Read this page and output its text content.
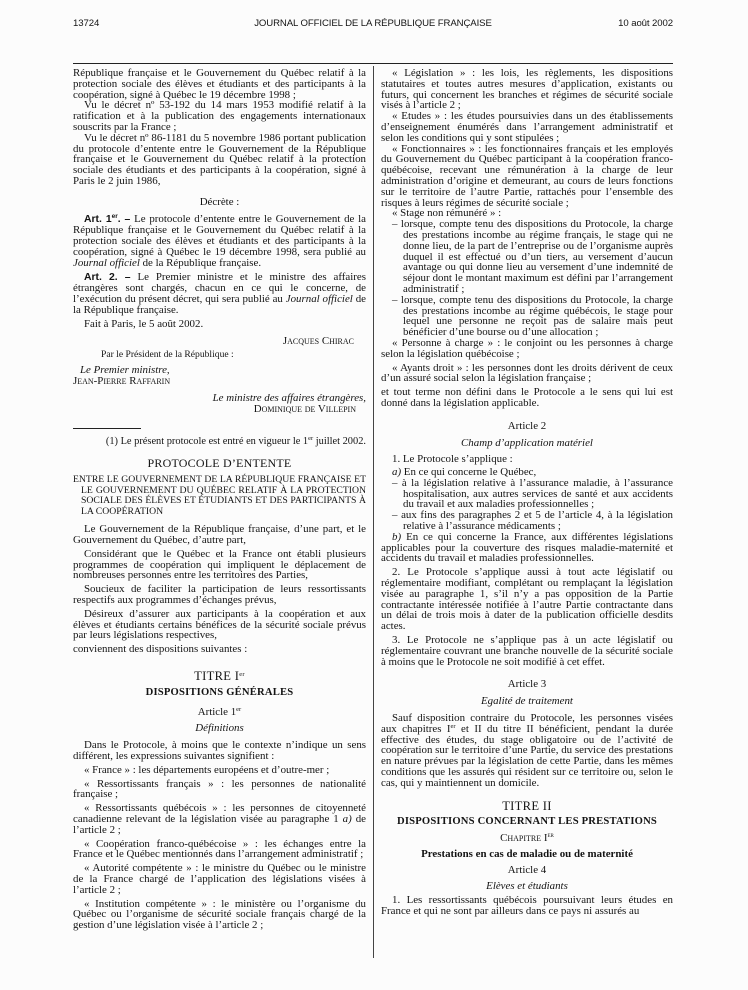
13724	JOURNAL OFFICIEL DE LA RÉPUBLIQUE FRANÇAISE	10 août 2002

République française et le Gouvernement du Québec relatif à la protection sociale des élèves et étudiants et des participants à la coopération, signé à Québec le 19 décembre 1998 ;

Vu le décret nº 53-192 du 14 mars 1953 modifié relatif à la ratification et à la publication des engagements internationaux souscrits par la France ;

Vu le décret nº 86-1181 du 5 novembre 1986 portant publication du protocole d’entente entre le Gouvernement de la République française et le Gouvernement du Québec relatif à la protection sociale des étudiants et des participants à la coopération, signé à Paris le 2 juin 1986,

Décrète :

Art. 1er. – Le protocole d’entente entre le Gouvernement de la République française et le Gouvernement du Québec relatif à la protection sociale des élèves et étudiants et des participants à la coopération, signé à Québec le 19 décembre 1998, sera publié au Journal officiel de la République française.

Art. 2. – Le Premier ministre et le ministre des affaires étrangères sont chargés, chacun en ce qui le concerne, de l’exécution du présent décret, qui sera publié au Journal officiel de la République française.

Fait à Paris, le 5 août 2002.

Jacques Chirac

Par le Président de la République :

Le Premier ministre,

Jean-Pierre Raffarin

Le ministre des affaires étrangères,

Dominique de Villepin

(1) Le présent protocole est entré en vigueur le 1er juillet 2002.

PROTOCOLE D’ENTENTE

ENTRE LE GOUVERNEMENT DE LA RÉPUBLIQUE FRANÇAISE ET LE GOUVERNEMENT DU QUÉBEC RELATIF À LA PROTECTION SOCIALE DES ÉLÈVES ET ÉTUDIANTS ET DES PARTICIPANTS À LA COOPÉRATION

Le Gouvernement de la République française, d’une part, et le Gouvernement du Québec, d’autre part,

Considérant que le Québec et la France ont établi plusieurs programmes de coopération qui impliquent le déplacement de nombreuses personnes entre les territoires des Parties,

Soucieux de faciliter la participation de leurs ressortissants respectifs aux programmes d’échanges prévus,

Désireux d’assurer aux participants à la coopération et aux élèves et étudiants certains bénéfices de la sécurité sociale prévus par leurs législations respectives,

conviennent des dispositions suivantes :

TITRE Ier

DISPOSITIONS GÉNÉRALES

Article 1er

Définitions

Dans le Protocole, à moins que le contexte n’indique un sens différent, les expressions suivantes signifient :

« France » : les départements européens et d’outre-mer ;

« Ressortissants français » : les personnes de nationalité française ;

« Ressortissants québécois » : les personnes de citoyenneté canadienne relevant de la législation visée au paragraphe 1 a) de l’article 2 ;

« Coopération franco-québécoise » : les échanges entre la France et le Québec mentionnés dans l’arrangement administratif ;

« Autorité compétente » : le ministre du Québec ou le ministre de la France chargé de l’application des législations visées à l’article 2 ;

« Institution compétente » : le ministère ou l’organisme du Québec ou l’organisme de sécurité sociale français chargé de la gestion d’une législation visée à l’article 2 ;

« Législation » : les lois, les règlements, les dispositions statutaires et toutes autres mesures d’application, existants ou futurs, qui concernent les branches et régimes de sécurité sociale visés à l’article 2 ;

« Etudes » : les études poursuivies dans un des établissements d’enseignement énumérés dans l’arrangement administratif et selon les conditions qui y sont stipulées ;

« Fonctionnaires » : les fonctionnaires français et les employés du Gouvernement du Québec participant à la coopération franco-québécoise, recevant une rémunération à la charge de leur administration d’origine et demeurant, au cours de leurs fonctions sur le territoire de l’autre Partie, rattachés pour l’ensemble des risques à leurs régimes de sécurité sociale ;

« Stage non rémunéré » :

– lorsque, compte tenu des dispositions du Protocole, la charge des prestations incombe au régime français, le stage qui ne donne lieu, de la part de l’entreprise ou de l’organisme auprès duquel il est effectué ou d’un tiers, au versement d’aucun avantage ou qui donne lieu au versement d’une indemnité de séjour dont le montant maximum est défini par l’arrangement administratif ;

– lorsque, compte tenu des dispositions du Protocole, la charge des prestations incombe au régime québécois, le stage pour lequel une personne ne reçoit pas de salaire mais peut bénéficier d’une bourse ou d’une allocation ;

« Personne à charge » : le conjoint ou les personnes à charge selon la législation québécoise ;

« Ayants droit » : les personnes dont les droits dérivent de ceux d’un assuré social selon la législation française ;

et tout terme non défini dans le Protocole a le sens qui lui est donné dans la législation applicable.

Article 2

Champ d’application matériel

1. Le Protocole s’applique :

a) En ce qui concerne le Québec,

– à la législation relative à l’assurance maladie, à l’assurance hospitalisation, aux autres services de santé et aux accidents du travail et aux maladies professionnelles ;

– aux fins des paragraphes 2 et 5 de l’article 4, à la législation relative à l’assurance médicaments ;

b) En ce qui concerne la France, aux différentes législations applicables pour la couverture des risques maladie-maternité et accidents du travail et maladies professionnelles.

2. Le Protocole s’applique aussi à tout acte législatif ou réglementaire modifiant, complétant ou remplaçant la législation visée au paragraphe 1, s’il n’y a pas opposition de la Partie contractante intéressée notifiée à l’autre Partie contractante dans un délai de trois mois à dater de la publication officielle desdits actes.

3. Le Protocole ne s’applique pas à un acte législatif ou réglementaire couvrant une branche nouvelle de la sécurité sociale à moins que le Protocole ne soit modifié à cet effet.

Article 3

Egalité de traitement

Sauf disposition contraire du Protocole, les personnes visées aux chapitres Ier et II du titre II bénéficient, pendant la durée effective des études, du stage obligatoire ou de l’activité de coopération sur le territoire d’une Partie, du service des prestations en nature prévues par la législation de cette Partie, dans les mêmes conditions que les assurés qui résident sur ce territoire ou, selon le cas, qui y maintiennent un domicile.

TITRE II

DISPOSITIONS CONCERNANT LES PRESTATIONS

Chapitre Ier

Prestations en cas de maladie ou de maternité

Article 4

Elèves et étudiants

1. Les ressortissants québécois poursuivant leurs études en France et qui ne sont par ailleurs dans ce pays ni assurés au
